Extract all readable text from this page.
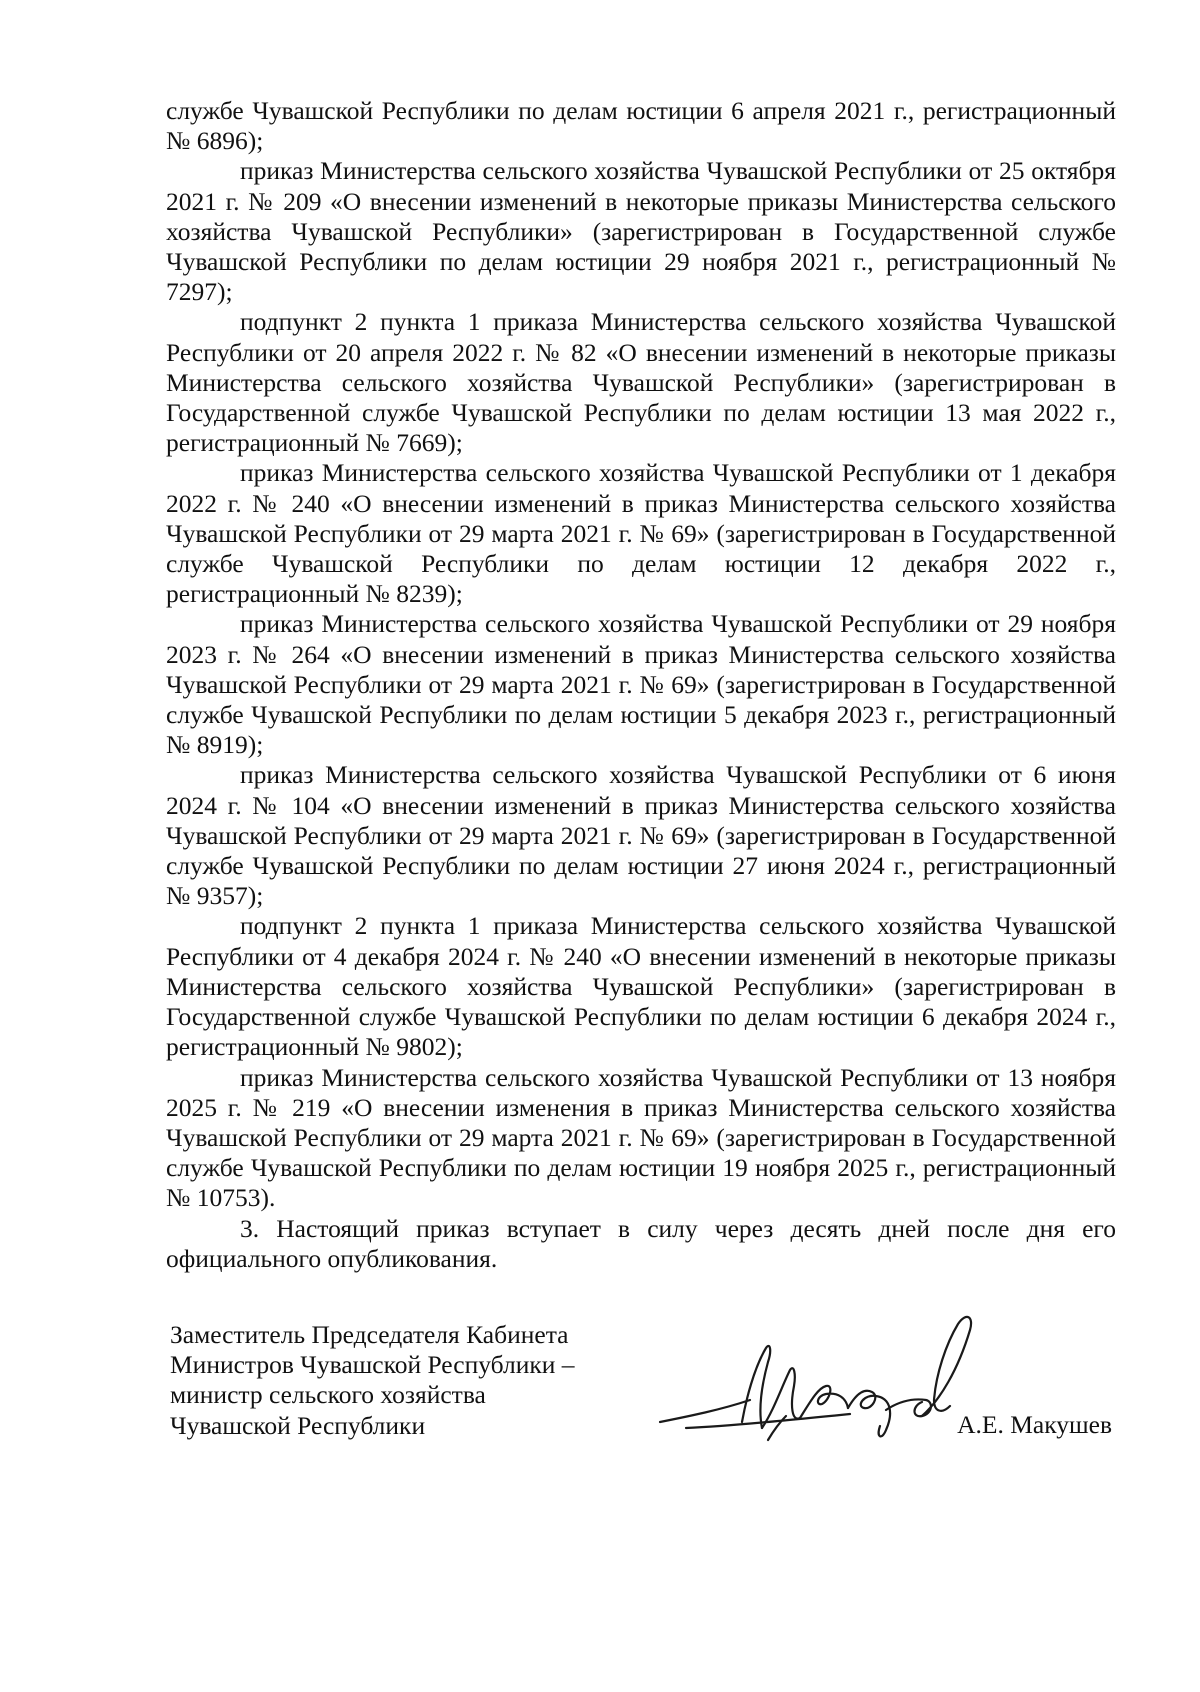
службе Чувашской Республики по делам юстиции 6 апреля 2021 г., регистрационный № 6896);

приказ Министерства сельского хозяйства Чувашской Республики от 25 октября 2021 г. № 209 «О внесении изменений в некоторые приказы Министерства сельского хозяйства Чувашской Республики» (зарегистрирован в Государственной службе Чувашской Республики по делам юстиции 29 ноября 2021 г., регистрационный № 7297);

подпункт 2 пункта 1 приказа Министерства сельского хозяйства Чувашской Республики от 20 апреля 2022 г. № 82 «О внесении изменений в некоторые приказы Министерства сельского хозяйства Чувашской Республики» (зарегистрирован в Государственной службе Чувашской Республики по делам юстиции 13 мая 2022 г., регистрационный № 7669);

приказ Министерства сельского хозяйства Чувашской Республики от 1 декабря 2022 г. № 240 «О внесении изменений в приказ Министерства сельского хозяйства Чувашской Республики от 29 марта 2021 г. № 69» (зарегистрирован в Государственной службе Чувашской Республики по делам юстиции 12 декабря 2022 г., регистрационный № 8239);

приказ Министерства сельского хозяйства Чувашской Республики от 29 ноября 2023 г. № 264 «О внесении изменений в приказ Министерства сельского хозяйства Чувашской Республики от 29 марта 2021 г. № 69» (зарегистрирован в Государственной службе Чувашской Республики по делам юстиции 5 декабря 2023 г., регистрационный № 8919);

приказ Министерства сельского хозяйства Чувашской Республики от 6 июня 2024 г. № 104 «О внесении изменений в приказ Министерства сельского хозяйства Чувашской Республики от 29 марта 2021 г. № 69» (зарегистрирован в Государственной службе Чувашской Республики по делам юстиции 27 июня 2024 г., регистрационный № 9357);

подпункт 2 пункта 1 приказа Министерства сельского хозяйства Чувашской Республики от 4 декабря 2024 г. № 240 «О внесении изменений в некоторые приказы Министерства сельского хозяйства Чувашской Республики» (зарегистрирован в Государственной службе Чувашской Республики по делам юстиции 6 декабря 2024 г., регистрационный № 9802);

приказ Министерства сельского хозяйства Чувашской Республики от 13 ноября 2025 г. № 219 «О внесении изменения в приказ Министерства сельского хозяйства Чувашской Республики от 29 марта 2021 г. № 69» (зарегистрирован в Государственной службе Чувашской Республики по делам юстиции 19 ноября 2025 г., регистрационный № 10753).

3. Настоящий приказ вступает в силу через десять дней после дня его официального опубликования.

Заместитель Председателя Кабинета
Министров Чувашской Республики –
министр сельского хозяйства
Чувашской Республики	А.Е. Макушев
